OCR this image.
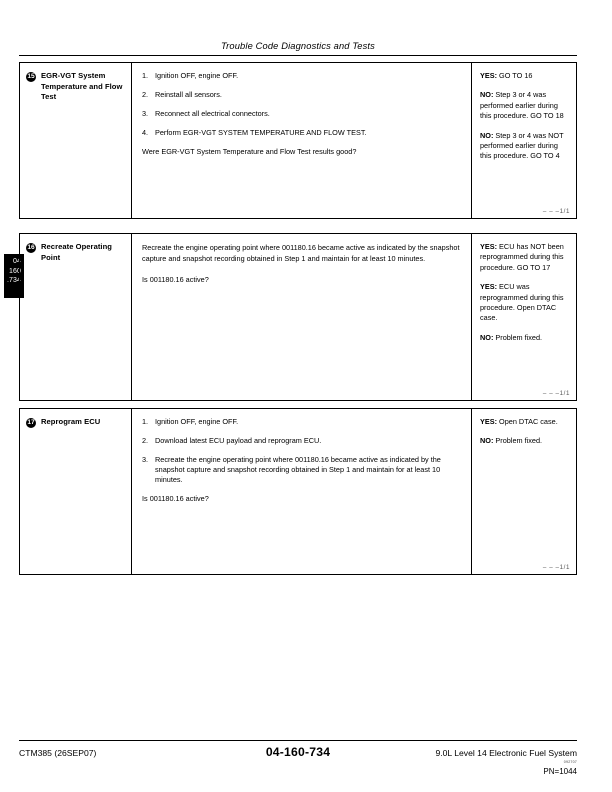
Trouble Code Diagnostics and Tests
04
160
.734
15 EGR-VGT System Temperature and Flow Test
1. Ignition OFF, engine OFF.
2. Reinstall all sensors.
3. Reconnect all electrical connectors.
4. Perform EGR-VGT SYSTEM TEMPERATURE AND FLOW TEST.
Were EGR-VGT System Temperature and Flow Test results good?
YES: GO TO 16
NO: Step 3 or 4 was performed earlier during this procedure. GO TO 18
NO: Step 3 or 4 was NOT performed earlier during this procedure. GO TO 4
– – –1/1
16 Recreate Operating Point
Recreate the engine operating point where 001180.16 became active as indicated by the snapshot capture and snapshot recording obtained in Step 1 and maintain for at least 10 minutes.
Is 001180.16 active?
YES: ECU has NOT been reprogrammed during this procedure. GO TO 17
YES: ECU was reprogrammed during this procedure. Open DTAC case.
NO: Problem fixed.
– – –1/1
17 Reprogram ECU	1. Ignition OFF, engine OFF.
2. Download latest ECU payload and reprogram ECU.
3. Recreate the engine operating point where 001180.16 became active as indicated by the snapshot capture and snapshot recording obtained in Step 1 and maintain for at least 10 minutes.
Is 001180.16 active?
YES: Open DTAC case.
NO: Problem fixed.
– – –1/1
CTM385 (26SEP07)	04-160-734	9.0L Level 14 Electronic Fuel System
092707
PN=1044
